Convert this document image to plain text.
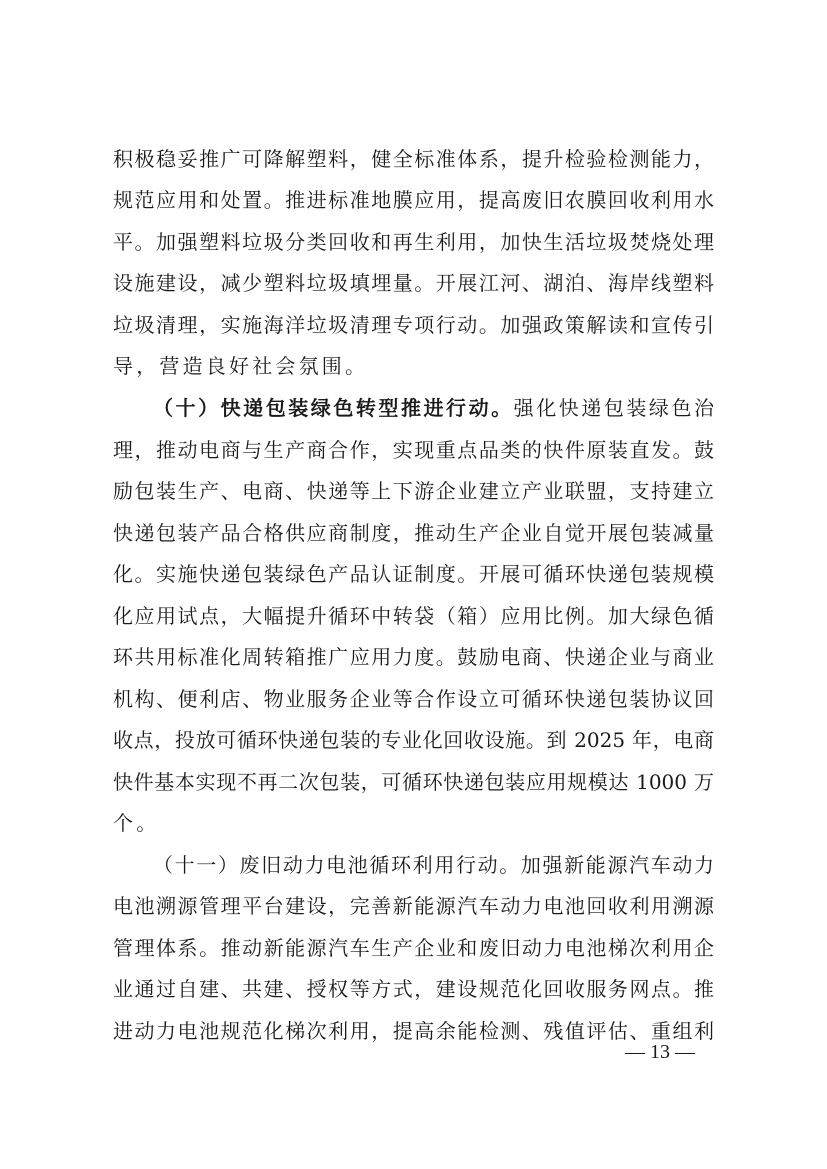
积极稳妥推广可降解塑料，健全标准体系，提升检验检测能力，
规范应用和处置。推进标准地膜应用，提高废旧农膜回收利用水
平。加强塑料垃圾分类回收和再生利用，加快生活垃圾焚烧处理
设施建设，减少塑料垃圾填埋量。开展江河、湖泊、海岸线塑料
垃圾清理，实施海洋垃圾清理专项行动。加强政策解读和宣传引
导，营造良好社会氛围。
（十）快递包装绿色转型推进行动。强化快递包装绿色治
理，推动电商与生产商合作，实现重点品类的快件原装直发。鼓
励包装生产、电商、快递等上下游企业建立产业联盟，支持建立
快递包装产品合格供应商制度，推动生产企业自觉开展包装减量
化。实施快递包装绿色产品认证制度。开展可循环快递包装规模
化应用试点，大幅提升循环中转袋（箱）应用比例。加大绿色循
环共用标准化周转箱推广应用力度。鼓励电商、快递企业与商业
机构、便利店、物业服务企业等合作设立可循环快递包装协议回
收点，投放可循环快递包装的专业化回收设施。到 2025 年，电商
快件基本实现不再二次包装，可循环快递包装应用规模达 1000 万
个。
（十一）废旧动力电池循环利用行动。加强新能源汽车动力
电池溯源管理平台建设，完善新能源汽车动力电池回收利用溯源
管理体系。推动新能源汽车生产企业和废旧动力电池梯次利用企
业通过自建、共建、授权等方式，建设规范化回收服务网点。推
进动力电池规范化梯次利用，提高余能检测、残值评估、重组利
— 13 —
